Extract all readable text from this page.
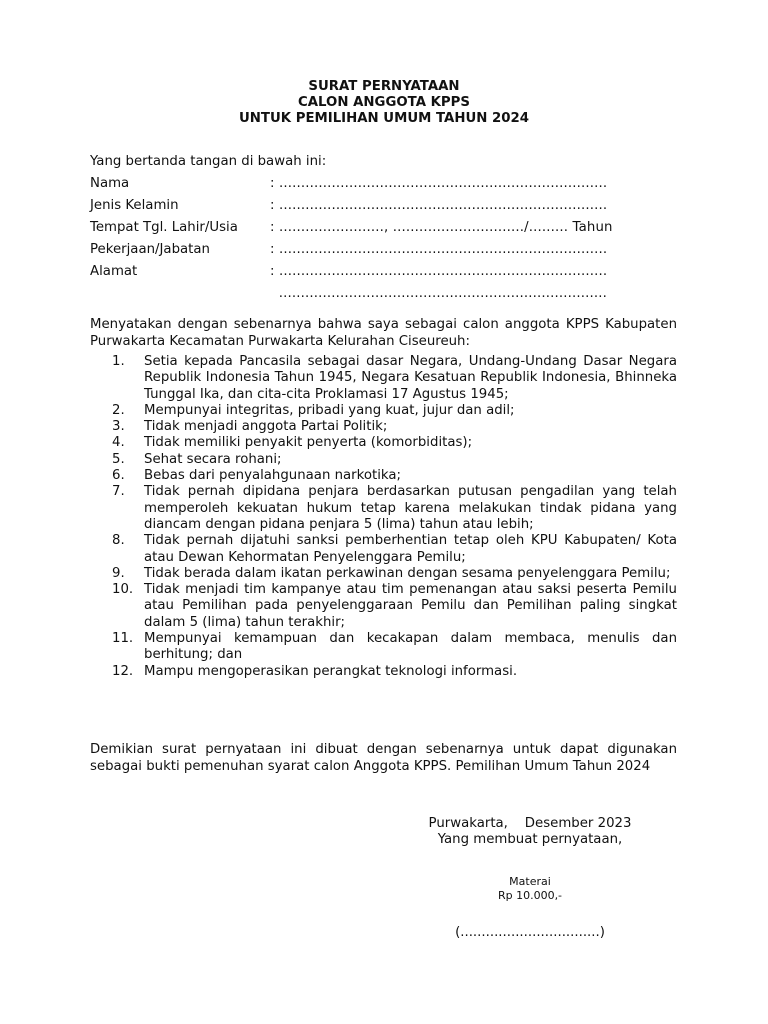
SURAT PERNYATAAN
CALON ANGGOTA KPPS
UNTUK PEMILIHAN UMUM TAHUN 2024
Yang bertanda tangan di bawah ini:
Nama	: ...........................................................................
Jenis Kelamin	: ...........................................................................
Tempat Tgl. Lahir/Usia : ........................, ............................../......... Tahun
Pekerjaan/Jabatan	: ...........................................................................
Alamat	: ...........................................................................
...........................................................................
Menyatakan dengan sebenarnya bahwa saya sebagai calon anggota KPPS Kabupaten Purwakarta Kecamatan Purwakarta Kelurahan Ciseureuh:
1.	Setia kepada Pancasila sebagai dasar Negara, Undang-Undang Dasar Negara Republik Indonesia Tahun 1945, Negara Kesatuan Republik Indonesia, Bhinneka Tunggal Ika, dan cita-cita Proklamasi 17 Agustus 1945;
2.	Mempunyai integritas, pribadi yang kuat, jujur dan adil;
3.	Tidak menjadi anggota Partai Politik;
4.	Tidak memiliki penyakit penyerta (komorbiditas);
5.	Sehat secara rohani;
6.	Bebas dari penyalahgunaan narkotika;
7.	Tidak pernah dipidana penjara berdasarkan putusan pengadilan yang telah memperoleh kekuatan hukum tetap karena melakukan tindak pidana yang diancam dengan pidana penjara 5 (lima) tahun atau lebih;
8.	Tidak pernah dijatuhi sanksi pemberhentian tetap oleh KPU Kabupaten/ Kota atau Dewan Kehormatan Penyelenggara Pemilu;
9.	Tidak berada dalam ikatan perkawinan dengan sesama penyelenggara Pemilu;
10. Tidak menjadi tim kampanye atau tim pemenangan atau saksi peserta Pemilu atau Pemilihan pada penyelenggaraan Pemilu dan Pemilihan paling singkat dalam 5 (lima) tahun terakhir;
11. Mempunyai kemampuan dan kecakapan dalam membaca, menulis dan berhitung; dan
12. Mampu mengoperasikan perangkat teknologi informasi.
Demikian surat pernyataan ini dibuat dengan sebenarnya untuk dapat digunakan sebagai bukti pemenuhan syarat calon Anggota KPPS. Pemilihan Umum Tahun 2024
Purwakarta,    Desember 2023
Yang membuat pernyataan,
Materai
Rp 10.000,-
(.................................)
